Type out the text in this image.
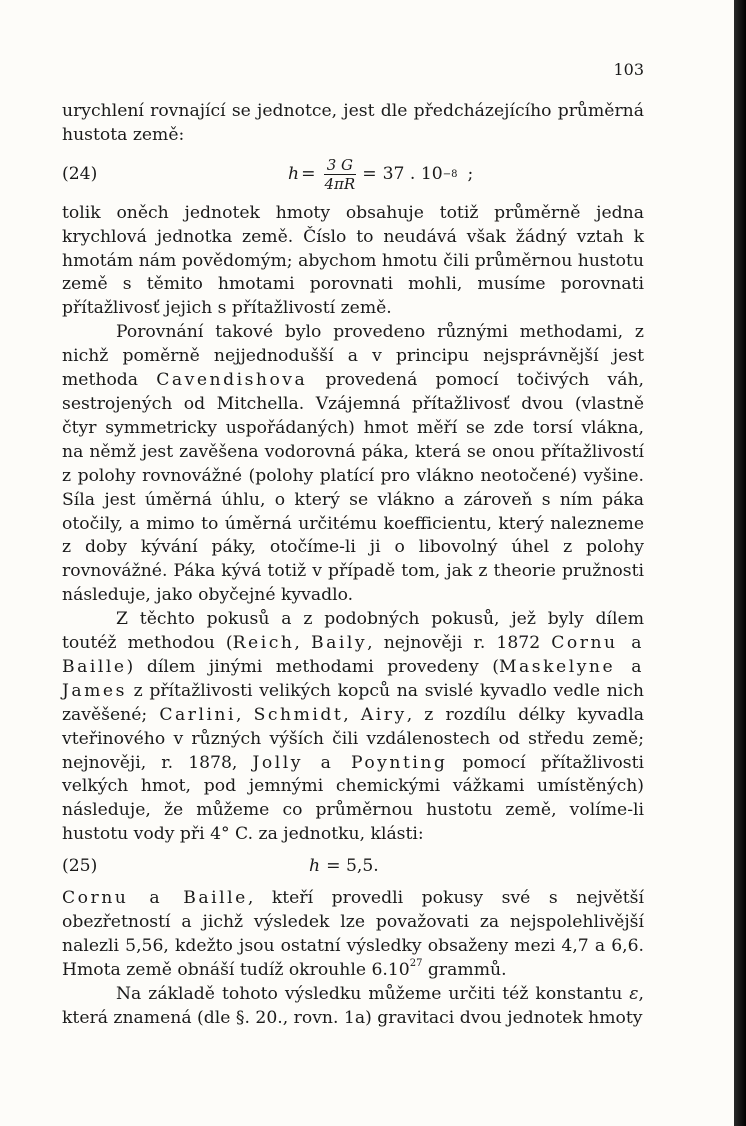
103

urychlení rovnající se jednotce, jest dle předcházejícího průměrná hustota země:

(24)	$h = \frac{3 G}{4\pi R} = 37$ . 10 −8 ;

tolik oněch jednotek hmoty obsahuje totiž průměrně jedna krychlová jednotka země. Číslo to neudává však žádný vztah k hmotám nám povědomým; abychom hmotu čili průměrnou hustotu země s těmito hmotami porovnati mohli, musíme porovnati přítažlivosť jejich s přítažlivostí země.

Porovnání takové bylo provedeno různými methodami, z nichž poměrně nejjednodušší a v principu nejsprávnější jest methoda Cavendishova provedená pomocí točivých váh, sestrojených od Mitchella. Vzájemná přítažlivosť dvou (vlastně čtyr symmetricky uspořádaných) hmot měří se zde torsí vlákna, na němž jest zavěšena vodorovná páka, která se onou přítažlivostí z polohy rovnovážné (polohy platící pro vlákno neotočené) vyšine. Síla jest úměrná úhlu, o který se vlákno a zároveň s ním páka otočily, a mimo to úměrná určitému koefficientu, který nalezneme z doby kývání páky, otočíme-li ji o libovolný úhel z polohy rovnovážné. Páka kývá totiž v případě tom, jak z theorie pružnosti následuje, jako obyčejné kyvadlo.

Z těchto pokusů a z podobných pokusů, jež byly dílem toutéž methodou (Reich, Baily, nejnověji r. 1872 Cornu a Baille) dílem jinými methodami provedeny (Maskelyne a James z přítažlivosti velikých kopců na svislé kyvadlo vedle nich zavěšené; Carlini, Schmidt, Airy, z rozdílu délky kyvadla vteřinového v různých výších čili vzdálenostech od středu země; nejnověji, r. 1878, Jolly a Poynting pomocí přítažlivosti velkých hmot, pod jemnými chemickými vážkami umístěných) následuje, že můžeme co průměrnou hustotu země, volíme-li hustotu vody při 4° C. za jednotku, klásti:

(25)	h = 5,5.

Cornu a Baille, kteří provedli pokusy své s největší obezřetností a jichž výsledek lze považovati za nejspolehlivější nalezli 5,56, kdežto jsou ostatní výsledky obsaženy mezi 4,7 a 6,6. Hmota země obnáší tudíž okrouhle 6.10$^{27}$ grammů.

Na základě tohoto výsledku můžeme určiti též konstantu ε, která znamená (dle §. 20., rovn. 1a) gravitaci dvou jednotek hmoty
